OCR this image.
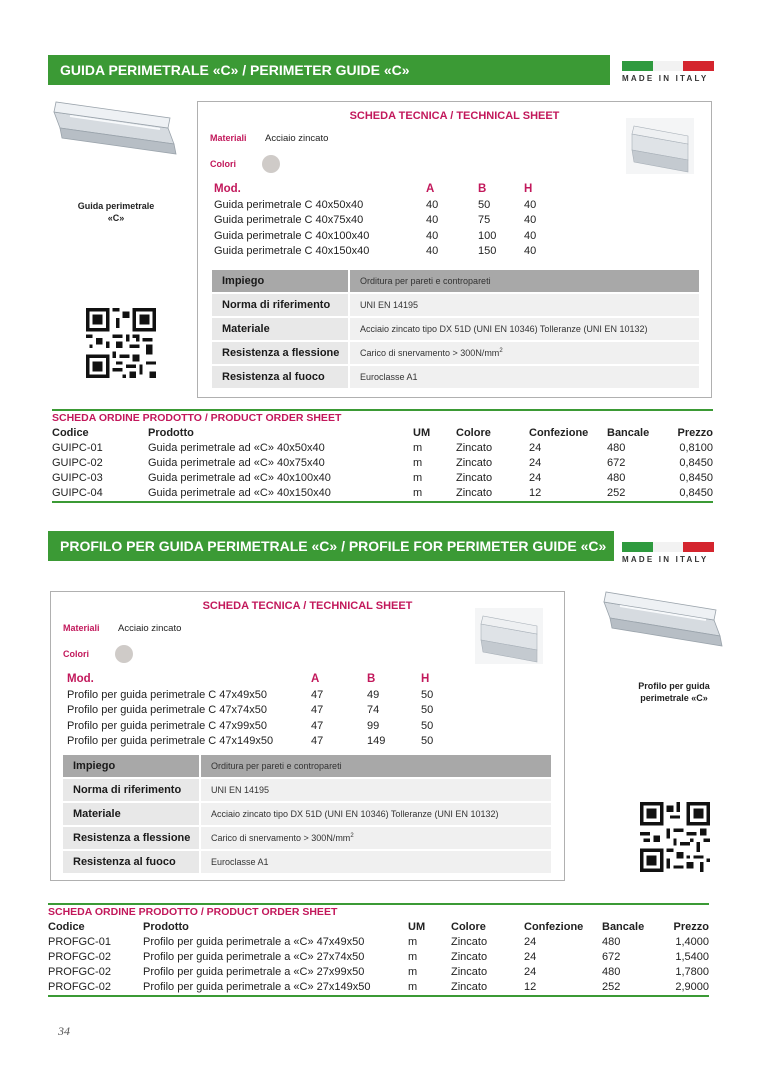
GUIDA PERIMETRALE «C» / PERIMETER GUIDE «C»
MADE IN ITALY
Guida perimetrale
«C»
SCHEDA TECNICA / TECHNICAL SHEET
Materiali Acciaio zincato
Colori
Mod.	A	B	H
Guida perimetrale C 40x50x40	40	50	40
Guida perimetrale C 40x75x40	40	75	40
Guida perimetrale C 40x100x40	40	100	40
Guida perimetrale C 40x150x40	40	150	40
Impiego	Orditura per pareti e contropareti
Norma di riferimento	UNI EN 14195
Materiale	Acciaio zincato tipo DX 51D (UNI EN 10346) Tolleranze (UNI EN 10132)
Resistenza a flessione	Carico di snervamento > $300N/mm^2$
Resistenza al fuoco	Euroclasse A1
SCHEDA ORDINE PRODOTTO / PRODUCT ORDER SHEET
Codice	Prodotto	UM	Colore	Confezione	Bancale	Prezzo
GUIPC-01	Guida perimetrale ad «C» 40x50x40	m	Zincato	24	480	0,8100
GUIPC-02	Guida perimetrale ad «C» 40x75x40	m	Zincato	24	672	0,8450
GUIPC-03	Guida perimetrale ad «C» 40x100x40	m	Zincato	24	480	0,8450
GUIPC-04	Guida perimetrale ad «C» 40x150x40	m	Zincato	12	252	0,8450
PROFILO PER GUIDA PERIMETRALE «C» / PROFILE FOR PERIMETER GUIDE «C»
MADE IN ITALY
SCHEDA TECNICA / TECHNICAL SHEET
Materiali Acciaio zincato
Colori
Mod.	A	B	H
Profilo per guida perimetrale C 47x49x50	47	49	50
Profilo per guida perimetrale C 47x74x50	47	74	50
Profilo per guida perimetrale C 47x99x50	47	99	50
Profilo per guida perimetrale C 47x149x50	47	149	50
Impiego	Orditura per pareti e contropareti
Norma di riferimento	UNI EN 14195
Materiale	Acciaio zincato tipo DX 51D (UNI EN 10346) Tolleranze (UNI EN 10132)
Resistenza a flessione	Carico di snervamento > $300N/mm^2$
Resistenza al fuoco	Euroclasse A1
Profilo per guida
perimetrale «C»
SCHEDA ORDINE PRODOTTO / PRODUCT ORDER SHEET
Codice	Prodotto	UM	Colore	Confezione	Bancale	Prezzo
PROFGC-01	Profilo per guida perimetrale a «C» 47x49x50	m	Zincato	24	480	1,4000
PROFGC-02	Profilo per guida perimetrale a «C» 27x74x50	m	Zincato	24	672	1,5400
PROFGC-02	Profilo per guida perimetrale a «C» 27x99x50	m	Zincato	24	480	1,7800
PROFGC-02	Profilo per guida perimetrale a «C» 27x149x50	m	Zincato	12	252	2,9000
34
